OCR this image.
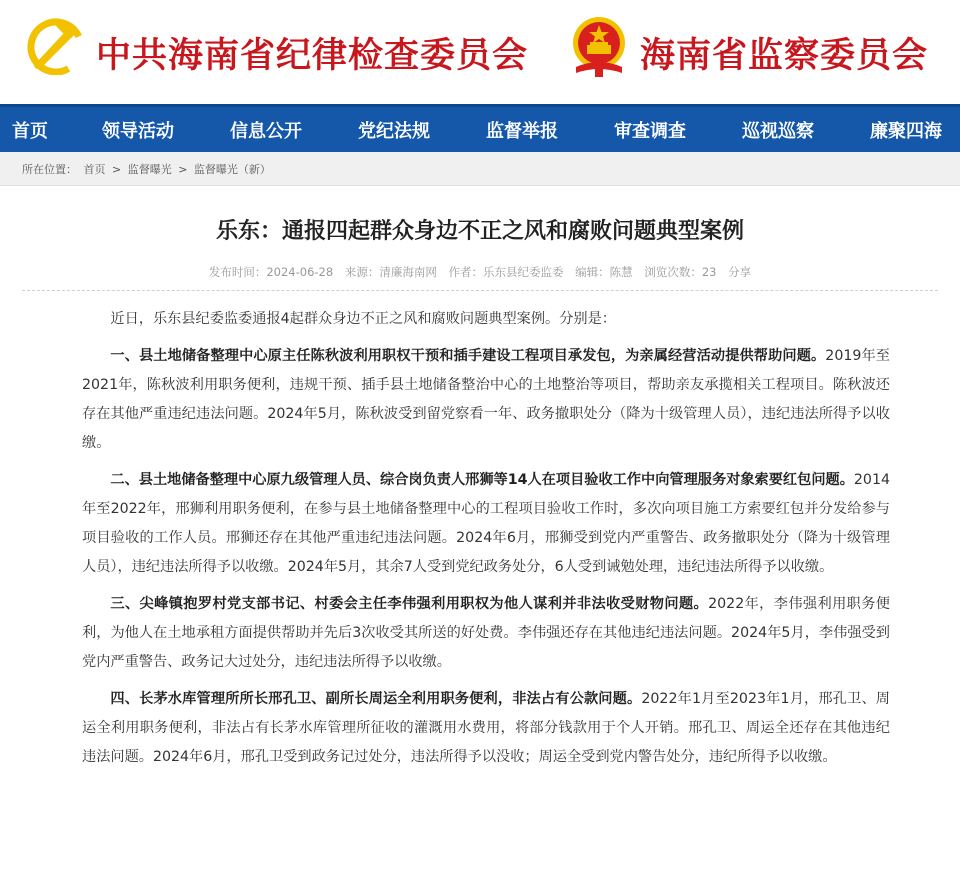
中共海南省纪律检查委员会	海南省监察委员会
首页	领导活动	信息公开	党纪法规	监督举报	审查调查	巡视巡察	廉聚四海
所在位置： 首页 > 监督曝光 > 监督曝光（新）
乐东：通报四起群众身边不正之风和腐败问题典型案例
发布时间：2024-06-28 来源：清廉海南网 作者：乐东县纪委监委 编辑：陈慧 浏览次数：23 分享

近日，乐东县纪委监委通报4起群众身边不正之风和腐败问题典型案例。分别是：

一、县土地储备整理中心原主任陈秋波利用职权干预和插手建设工程项目承发包，为亲属经营活动提供帮助问题。2019年至2021年，陈秋波利用职务便利，违规干预、插手县土地储备整治中心的土地整治等项目，帮助亲友承揽相关工程项目。陈秋波还存在其他严重违纪违法问题。2024年5月，陈秋波受到留党察看一年、政务撤职处分（降为十级管理人员），违纪违法所得予以收缴。

二、县土地储备整理中心原九级管理人员、综合岗负责人邢狮等14人在项目验收工作中向管理服务对象索要红包问题。2014年至2022年，邢狮利用职务便利，在参与县土地储备整理中心的工程项目验收工作时，多次向项目施工方索要红包并分发给参与项目验收的工作人员。邢狮还存在其他严重违纪违法问题。2024年6月，邢狮受到党内严重警告、政务撤职处分（降为十级管理人员），违纪违法所得予以收缴。2024年5月，其余7人受到党纪政务处分，6人受到诫勉处理，违纪违法所得予以收缴。

三、尖峰镇抱罗村党支部书记、村委会主任李伟强利用职权为他人谋利并非法收受财物问题。2022年，李伟强利用职务便利，为他人在土地承租方面提供帮助并先后3次收受其所送的好处费。李伟强还存在其他违纪违法问题。2024年5月，李伟强受到党内严重警告、政务记大过处分，违纪违法所得予以收缴。

四、长茅水库管理所所长邢孔卫、副所长周运全利用职务便利，非法占有公款问题。2022年1月至2023年1月，邢孔卫、周运全利用职务便利，非法占有长茅水库管理所征收的灌溉用水费用，将部分钱款用于个人开销。邢孔卫、周运全还存在其他违纪违法问题。2024年6月，邢孔卫受到政务记过处分，违法所得予以没收；周运全受到党内警告处分，违纪所得予以收缴。
